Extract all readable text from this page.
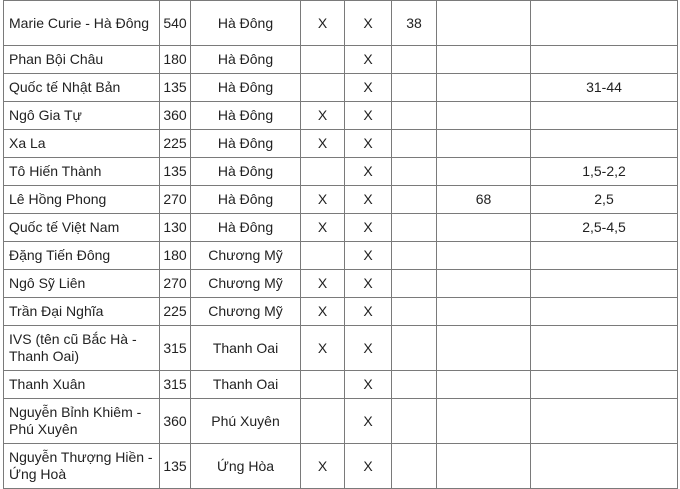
Marie Curie - Hà Đông	540	Hà Đông	X	X	38		
Phan Bội Châu	180	Hà Đông		X			
Quốc tế Nhật Bản	135	Hà Đông		X			31-44
Ngô Gia Tự	360	Hà Đông	X	X			
Xa La	225	Hà Đông	X	X			
Tô Hiến Thành	135	Hà Đông		X			1,5-2,2
Lê Hồng Phong	270	Hà Đông	X	X		68	2,5
Quốc tế Việt Nam	130	Hà Đông	X	X			2,5-4,5
Đặng Tiến Đông	180	Chương Mỹ		X			
Ngô Sỹ Liên	270	Chương Mỹ	X	X			
Trần Đại Nghĩa	225	Chương Mỹ	X	X			
IVS (tên cũ Bắc Hà - Thanh Oai)	315	Thanh Oai	X	X			
Thanh Xuân	315	Thanh Oai		X			
Nguyễn Bỉnh Khiêm - Phú Xuyên	360	Phú Xuyên		X			
Nguyễn Thượng Hiền - Ứng Hoà	135	Ứng Hòa	X	X			
